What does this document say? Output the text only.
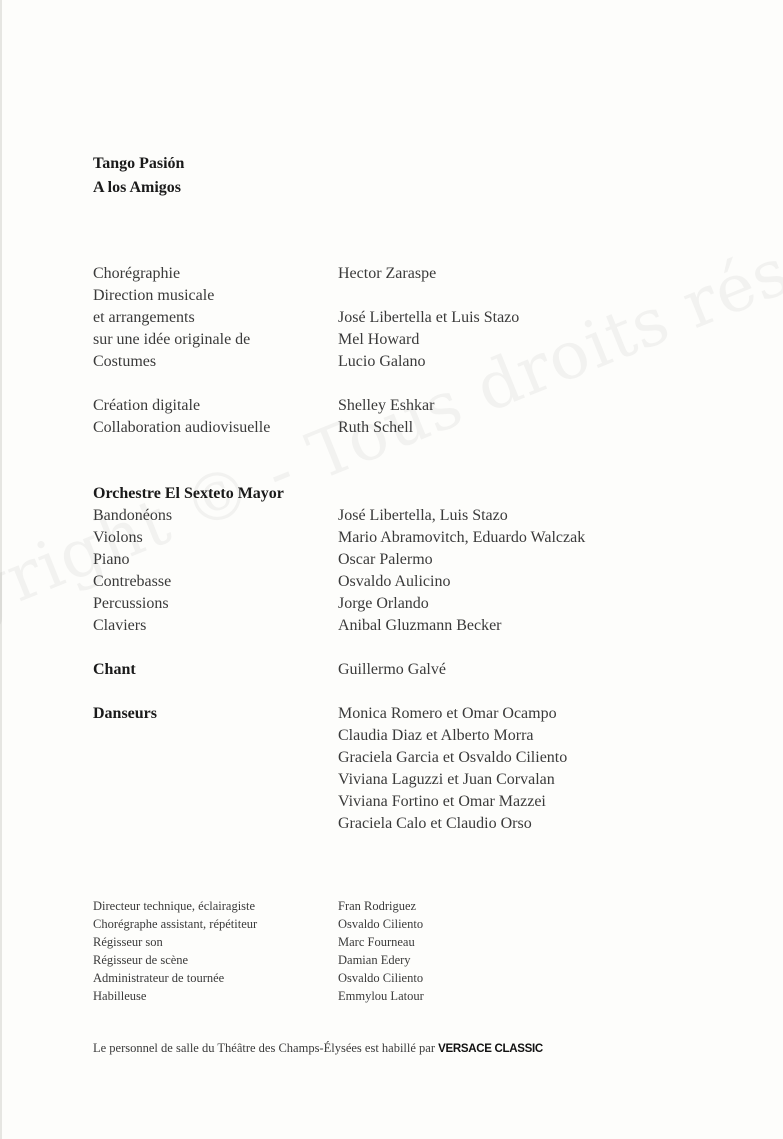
Tango Pasión
A los Amigos
Chorégraphie	Hector Zaraspe
Direction musicale
et arrangements	José Libertella et Luis Stazo
sur une idée originale de	Mel Howard
Costumes	Lucio Galano
Création digitale	Shelley Eshkar
Collaboration audiovisuelle	Ruth Schell
Orchestre El Sexteto Mayor
Bandonéons	José Libertella, Luis Stazo
Violons	Mario Abramovitch, Eduardo Walczak
Piano	Oscar Palermo
Contrebasse	Osvaldo Aulicino
Percussions	Jorge Orlando
Claviers	Anibal Gluzmann Becker
Chant	Guillermo Galvé
Danseurs	Monica Romero et Omar Ocampo
Claudia Diaz et Alberto Morra
Graciela Garcia et Osvaldo Ciliento
Viviana Laguzzi et Juan Corvalan
Viviana Fortino et Omar Mazzei
Graciela Calo et Claudio Orso
Directeur technique, éclairagiste	Fran Rodriguez
Chorégraphe assistant, répétiteur	Osvaldo Ciliento
Régisseur son	Marc Fourneau
Régisseur de scène	Damian Edery
Administrateur de tournée	Osvaldo Ciliento
Habilleuse	Emmylou Latour
Le personnel de salle du Théâtre des Champs-Élysées est habillé par VERSACE CLASSIC
